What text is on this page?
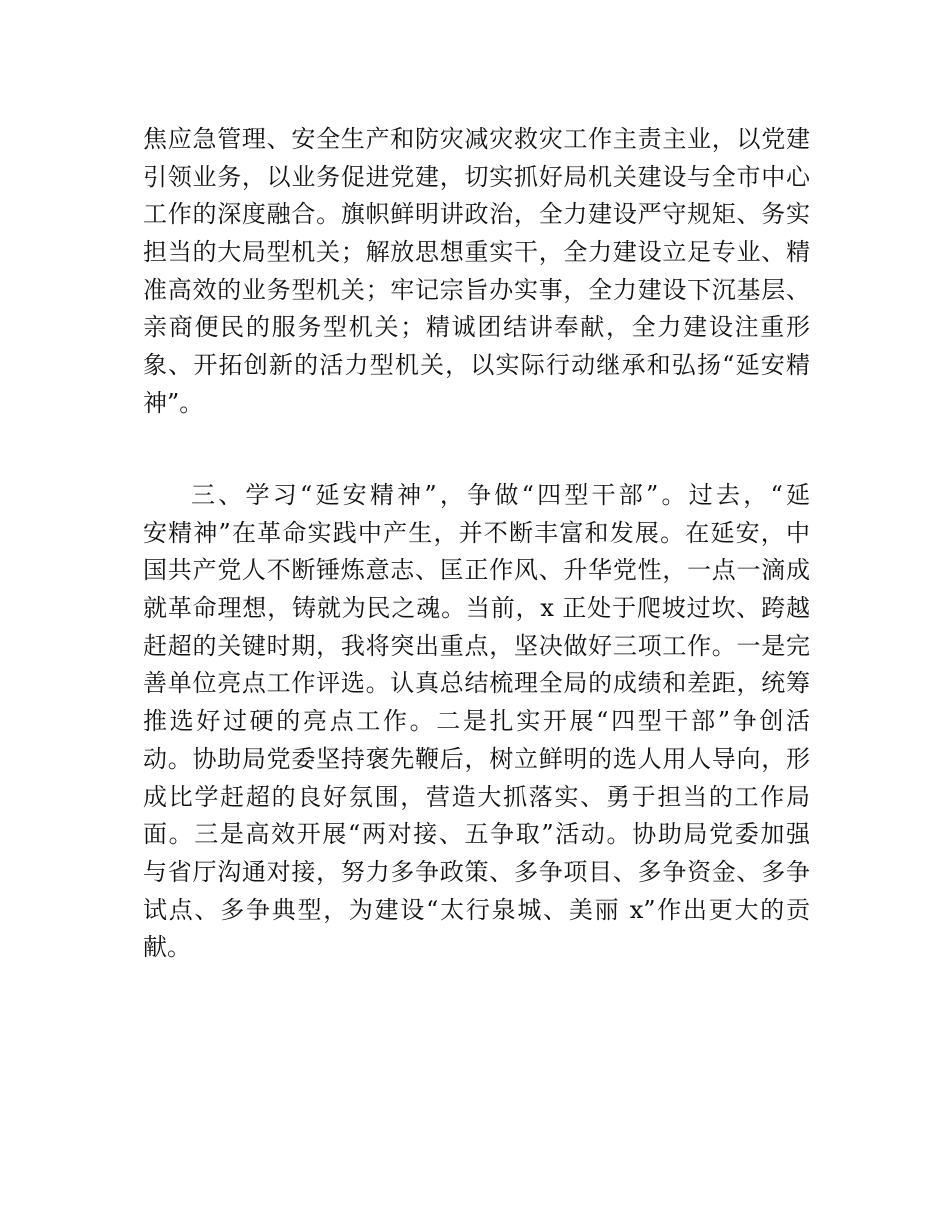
焦应急管理、安全生产和防灾减灾救灾工作主责主业，以党建
引领业务，以业务促进党建，切实抓好局机关建设与全市中心
工作的深度融合。旗帜鲜明讲政治，全力建设严守规矩、务实
担当的大局型机关；解放思想重实干，全力建设立足专业、精
准高效的业务型机关；牢记宗旨办实事，全力建设下沉基层、
亲商便民的服务型机关；精诚团结讲奉献，全力建设注重形
象、开拓创新的活力型机关，以实际行动继承和弘扬“延安精
神”。
三、学习“延安精神”，争做“四型干部”。过去，“延
安精神”在革命实践中产生，并不断丰富和发展。在延安，中
国共产党人不断锤炼意志、匡正作风、升华党性，一点一滴成
就革命理想，铸就为民之魂。当前，x 正处于爬坡过坎、跨越
赶超的关键时期，我将突出重点，坚决做好三项工作。一是完
善单位亮点工作评选。认真总结梳理全局的成绩和差距，统筹
推选好过硬的亮点工作。二是扎实开展“四型干部”争创活
动。协助局党委坚持褒先鞭后，树立鲜明的选人用人导向，形
成比学赶超的良好氛围，营造大抓落实、勇于担当的工作局
面。三是高效开展“两对接、五争取”活动。协助局党委加强
与省厅沟通对接，努力多争政策、多争项目、多争资金、多争
试点、多争典型，为建设“太行泉城、美丽 x”作出更大的贡
献。
